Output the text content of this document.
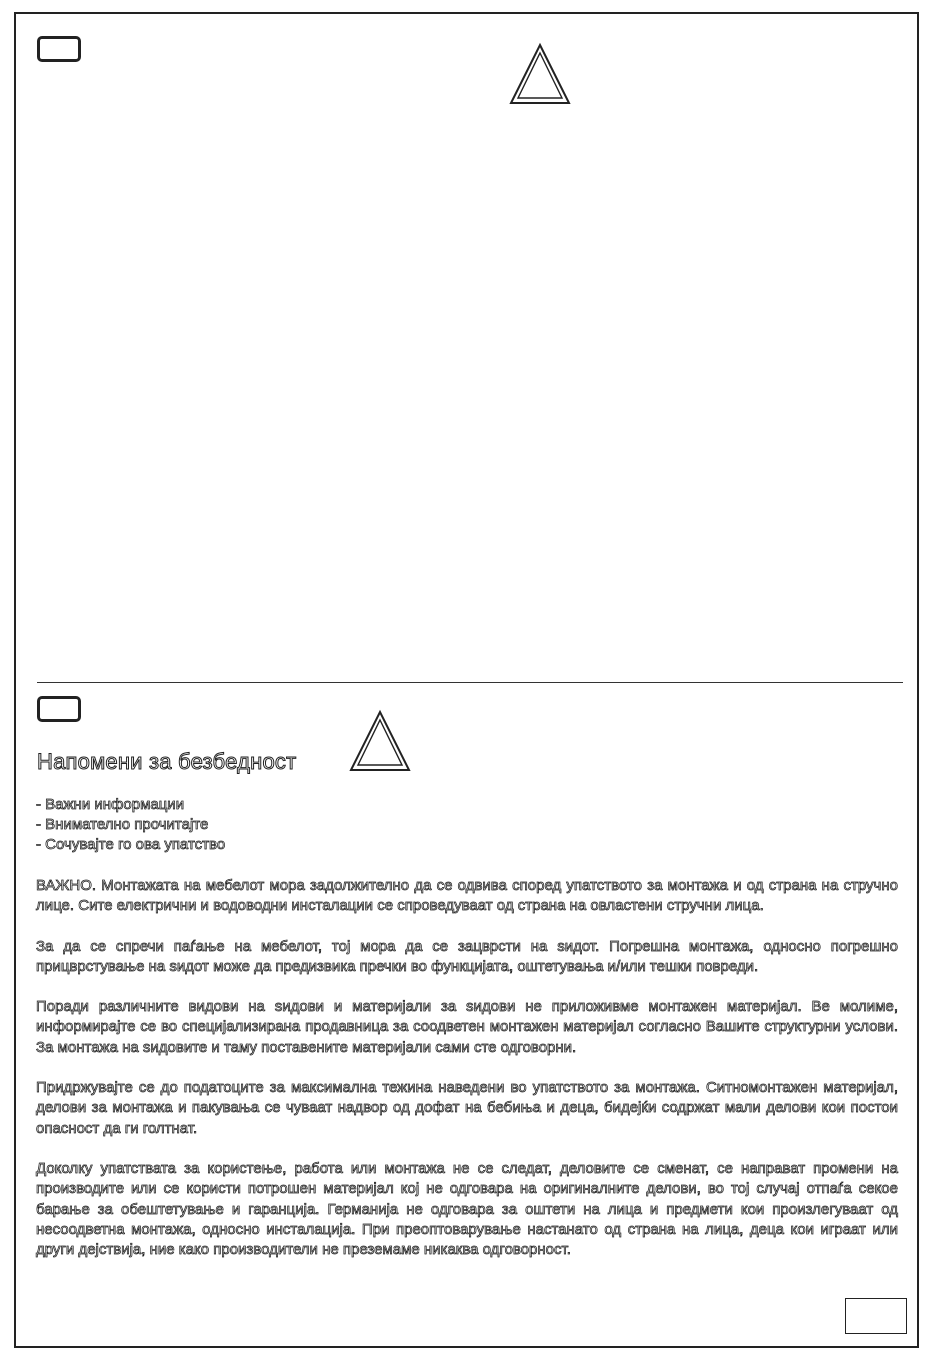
Напомени за безбедност
- Важни информации
- Внимателно прочитајте
- Сочувајте го ова упатство

ВАЖНО. Монтажата на мебелот мора задолжително да се одвива според упатството за монтажа и од страна на стручно лице. Сите електрични и водоводни инсталации се спроведуваат од страна на овластени стручни лица.

За да се спречи паѓање на мебелот, тој мора да се зацврсти на ѕидот. Погрешна монтажа, односно погрешно прицврстување на ѕидот може да предизвика пречки во функцијата, оштетувања и/или тешки повреди.

Поради различните видови на ѕидови и материјали за ѕидови не приложивме монтажен материјал. Ве молиме, информирајте се во специјализирана продавница за соодветен монтажен материјал согласно Вашите структурни услови. За монтажа на ѕидовите и таму поставените материјали сами сте одговорни.

Придржувајте се до податоците за максимална тежина наведени во упатството за монтажа. Ситномонтажен материјал, делови за монтажа и пакувања се чуваат надвор од дофат на бебиња и деца, бидејќи содржат мали делови кои постои опасност да ги голтнат.

Доколку упатствата за користење, работа или монтажа не се следат, деловите се сменат, се направат промени на производите или се користи потрошен материјал кој не одговара на оригиналните делови, во тој случај отпаѓа секое барање за обештетување и гаранција. Германија не одговара за оштети на лица и предмети кои произлегуваат од несоодветна монтажа, односно инсталација. При преоптоварување настанато од страна на лица, деца кои играат или други дејствија, ние како производители не преземаме никаква одговорност.
